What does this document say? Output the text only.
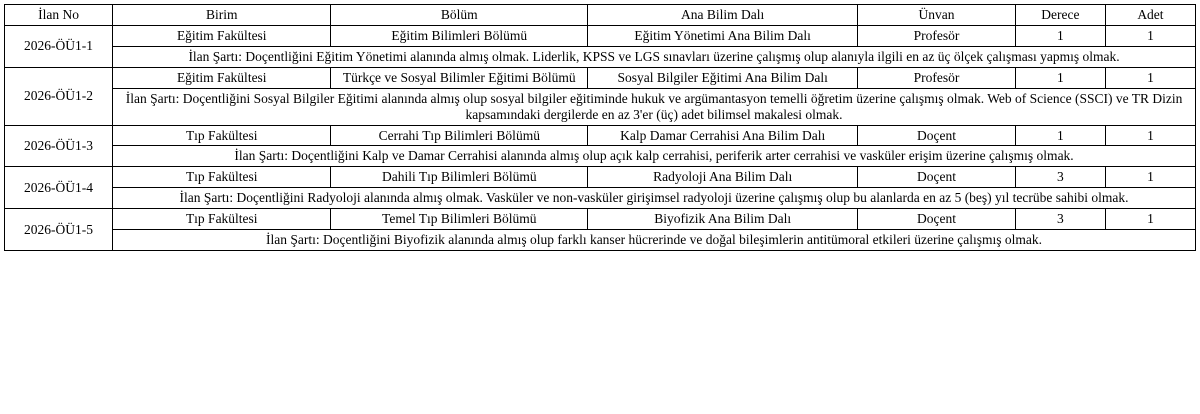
İlan No	Birim	Bölüm	Ana Bilim Dalı	Ünvan	Derece	Adet
2026-ÖÜ1-1	Eğitim Fakültesi	Eğitim Bilimleri Bölümü	Eğitim Yönetimi Ana Bilim Dalı	Profesör	1	1
	İlan Şartı: Doçentliğini Eğitim Yönetimi alanında almış olmak. Liderlik, KPSS ve LGS sınavları üzerine çalışmış olup alanıyla ilgili en az üç ölçek çalışması yapmış olmak.					
2026-ÖÜ1-2	Eğitim Fakültesi	Türkçe ve Sosyal Bilimler Eğitimi Bölümü	Sosyal Bilgiler Eğitimi Ana Bilim Dalı	Profesör	1	1
	İlan Şartı: Doçentliğini Sosyal Bilgiler Eğitimi alanında almış olup sosyal bilgiler eğitiminde hukuk ve argümantasyon temelli öğretim üzerine çalışmış olmak. Web of Science (SSCI) ve TR Dizin kapsamındaki dergilerde en az 3'er (üç) adet bilimsel makalesi olmak.					
2026-ÖÜ1-3	Tıp Fakültesi	Cerrahi Tıp Bilimleri Bölümü	Kalp Damar Cerrahisi Ana Bilim Dalı	Doçent	1	1
	İlan Şartı: Doçentliğini Kalp ve Damar Cerrahisi alanında almış olup açık kalp cerrahisi, periferik arter cerrahisi ve vasküler erişim üzerine çalışmış olmak.					
2026-ÖÜ1-4	Tıp Fakültesi	Dahili Tıp Bilimleri Bölümü	Radyoloji Ana Bilim Dalı	Doçent	3	1
	İlan Şartı: Doçentliğini Radyoloji alanında almış olmak. Vasküler ve non-vasküler girişimsel radyoloji üzerine çalışmış olup bu alanlarda en az 5 (beş) yıl tecrübe sahibi olmak.					
2026-ÖÜ1-5	Tıp Fakültesi	Temel Tıp Bilimleri Bölümü	Biyofizik Ana Bilim Dalı	Doçent	3	1
	İlan Şartı: Doçentliğini Biyofizik alanında almış olup farklı kanser hücrerinde ve doğal bileşimlerin antitümoral etkileri üzerine çalışmış olmak.					
